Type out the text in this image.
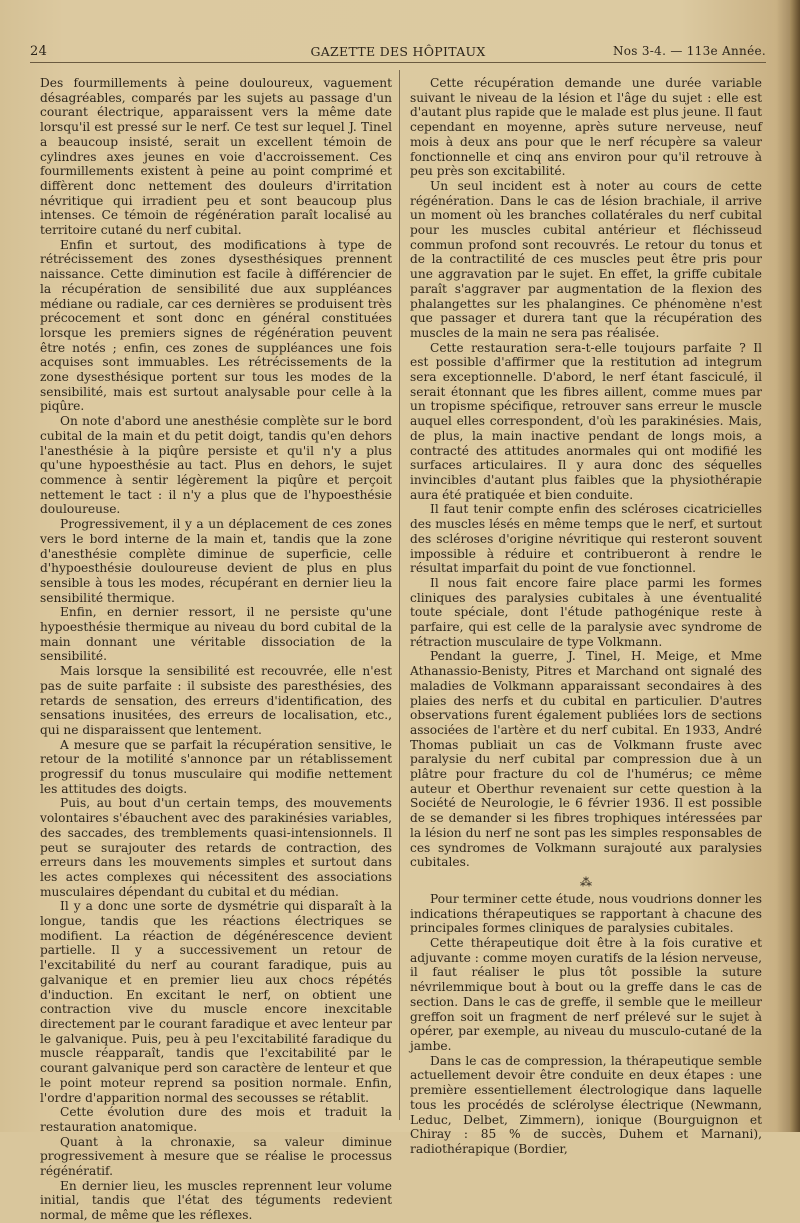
24	GAZETTE DES HÔPITAUX	Nos 3-4. — 113e Année.

Des fourmillements à peine douloureux, vaguement désagréables, comparés par les sujets au passage d'un courant électrique, apparaissent vers la même date lorsqu'il est pressé sur le nerf. Ce test sur lequel J. Tinel a beaucoup insisté, serait un excellent témoin de cylindres axes jeunes en voie d'accroissement. Ces fourmillements existent à peine au point comprimé et diffèrent donc nettement des douleurs d'irritation névritique qui irradient peu et sont beaucoup plus intenses. Ce témoin de régénération paraît localisé au territoire cutané du nerf cubital.

Enfin et surtout, des modifications à type de rétrécissement des zones dysesthésiques prennent naissance. Cette diminution est facile à différencier de la récupération de sensibilité due aux suppléances médiane ou radiale, car ces dernières se produisent très précocement et sont donc en général constituées lorsque les premiers signes de régénération peuvent être notés ; enfin, ces zones de suppléances une fois acquises sont immuables. Les rétrécissements de la zone dysesthésique portent sur tous les modes de la sensibilité, mais est surtout analysable pour celle à la piqûre.

On note d'abord une anesthésie complète sur le bord cubital de la main et du petit doigt, tandis qu'en dehors l'anesthésie à la piqûre persiste et qu'il n'y a plus qu'une hypoesthésie au tact. Plus en dehors, le sujet commence à sentir légèrement la piqûre et perçoit nettement le tact : il n'y a plus que de l'hypoesthésie douloureuse.

Progressivement, il y a un déplacement de ces zones vers le bord interne de la main et, tandis que la zone d'anesthésie complète diminue de superficie, celle d'hypoesthésie douloureuse devient de plus en plus sensible à tous les modes, récupérant en dernier lieu la sensibilité thermique.

Enfin, en dernier ressort, il ne persiste qu'une hypoesthésie thermique au niveau du bord cubital de la main donnant une véritable dissociation de la sensibilité.

Mais lorsque la sensibilité est recouvrée, elle n'est pas de suite parfaite : il subsiste des paresthésies, des retards de sensation, des erreurs d'identification, des sensations inusitées, des erreurs de localisation, etc., qui ne disparaissent que lentement.

A mesure que se parfait la récupération sensitive, le retour de la motilité s'annonce par un rétablissement progressif du tonus musculaire qui modifie nettement les attitudes des doigts.

Puis, au bout d'un certain temps, des mouvements volontaires s'ébauchent avec des parakinésies variables, des saccades, des tremblements quasi-intensionnels. Il peut se surajouter des retards de contraction, des erreurs dans les mouvements simples et surtout dans les actes complexes qui nécessitent des associations musculaires dépendant du cubital et du médian.

Il y a donc une sorte de dysmétrie qui disparaît à la longue, tandis que les réactions électriques se modifient. La réaction de dégénérescence devient partielle. Il y a successivement un retour de l'excitabilité du nerf au courant faradique, puis au galvanique et en premier lieu aux chocs répétés d'induction. En excitant le nerf, on obtient une contraction vive du muscle encore inexcitable directement par le courant faradique et avec lenteur par le galvanique. Puis, peu à peu l'excitabilité faradique du muscle réapparaît, tandis que l'excitabilité par le courant galvanique perd son caractère de lenteur et que le point moteur reprend sa position normale. Enfin, l'ordre d'apparition normal des secousses se rétablit.

Cette évolution dure des mois et traduit la restauration anatomique.

Quant à la chronaxie, sa valeur diminue progressivement à mesure que se réalise le processus régénératif.

En dernier lieu, les muscles reprennent leur volume initial, tandis que l'état des téguments redevient normal, de même que les réflexes.

Cette récupération demande une durée variable suivant le niveau de la lésion et l'âge du sujet : elle est d'autant plus rapide que le malade est plus jeune. Il faut cependant en moyenne, après suture nerveuse, neuf mois à deux ans pour que le nerf récupère sa valeur fonctionnelle et cinq ans environ pour qu'il retrouve à peu près son excitabilité.

Un seul incident est à noter au cours de cette régénération. Dans le cas de lésion brachiale, il arrive un moment où les branches collatérales du nerf cubital pour les muscles cubital antérieur et fléchisseud commun profond sont recouvrés. Le retour du tonus et de la contractilité de ces muscles peut être pris pour une aggravation par le sujet. En effet, la griffe cubitale paraît s'aggraver par augmentation de la flexion des phalangettes sur les phalangines. Ce phénomène n'est que passager et durera tant que la récupération des muscles de la main ne sera pas réalisée.

Cette restauration sera-t-elle toujours parfaite ? Il est possible d'affirmer que la restitution ad integrum sera exceptionnelle. D'abord, le nerf étant fasciculé, il serait étonnant que les fibres aillent, comme mues par un tropisme spécifique, retrouver sans erreur le muscle auquel elles correspondent, d'où les parakinésies. Mais, de plus, la main inactive pendant de longs mois, a contracté des attitudes anormales qui ont modifié les surfaces articulaires. Il y aura donc des séquelles invincibles d'autant plus faibles que la physiothérapie aura été pratiquée et bien conduite.

Il faut tenir compte enfin des scléroses cicatricielles des muscles lésés en même temps que le nerf, et surtout des scléroses d'origine névritique qui resteront souvent impossible à réduire et contribueront à rendre le résultat imparfait du point de vue fonctionnel.

Il nous fait encore faire place parmi les formes cliniques des paralysies cubitales à une éventualité toute spéciale, dont l'étude pathogénique reste à parfaire, qui est celle de la paralysie avec syndrome de rétraction musculaire de type Volkmann.

Pendant la guerre, J. Tinel, H. Meige, et Mme Athanassio-Benisty, Pitres et Marchand ont signalé des maladies de Volkmann apparaissant secondaires à des plaies des nerfs et du cubital en particulier. D'autres observations furent également publiées lors de sections associées de l'artère et du nerf cubital. En 1933, André Thomas publiait un cas de Volkmann fruste avec paralysie du nerf cubital par compression due à un plâtre pour fracture du col de l'humérus; ce même auteur et Oberthur revenaient sur cette question à la Société de Neurologie, le 6 février 1936. Il est possible de se demander si les fibres trophiques intéressées par la lésion du nerf ne sont pas les simples responsables de ces syndromes de Volkmann surajouté aux paralysies cubitales.

⁂

Pour terminer cette étude, nous voudrions donner les indications thérapeutiques se rapportant à chacune des principales formes cliniques de paralysies cubitales.

Cette thérapeutique doit être à la fois curative et adjuvante : comme moyen curatifs de la lésion nerveuse, il faut réaliser le plus tôt possible la suture névrilemmique bout à bout ou la greffe dans le cas de section. Dans le cas de greffe, il semble que le meilleur greffon soit un fragment de nerf prélevé sur le sujet à opérer, par exemple, au niveau du musculo-cutané de la jambe.

Dans le cas de compression, la thérapeutique semble actuellement devoir être conduite en deux étapes : une première essentiellement électrologique dans laquelle tous les procédés de sclérolyse électrique (Newmann, Leduc, Delbet, Zimmern), ionique (Bourguignon et Chiray : 85 % de succès, Duhem et Marnani), radiothérapique (Bordier,
